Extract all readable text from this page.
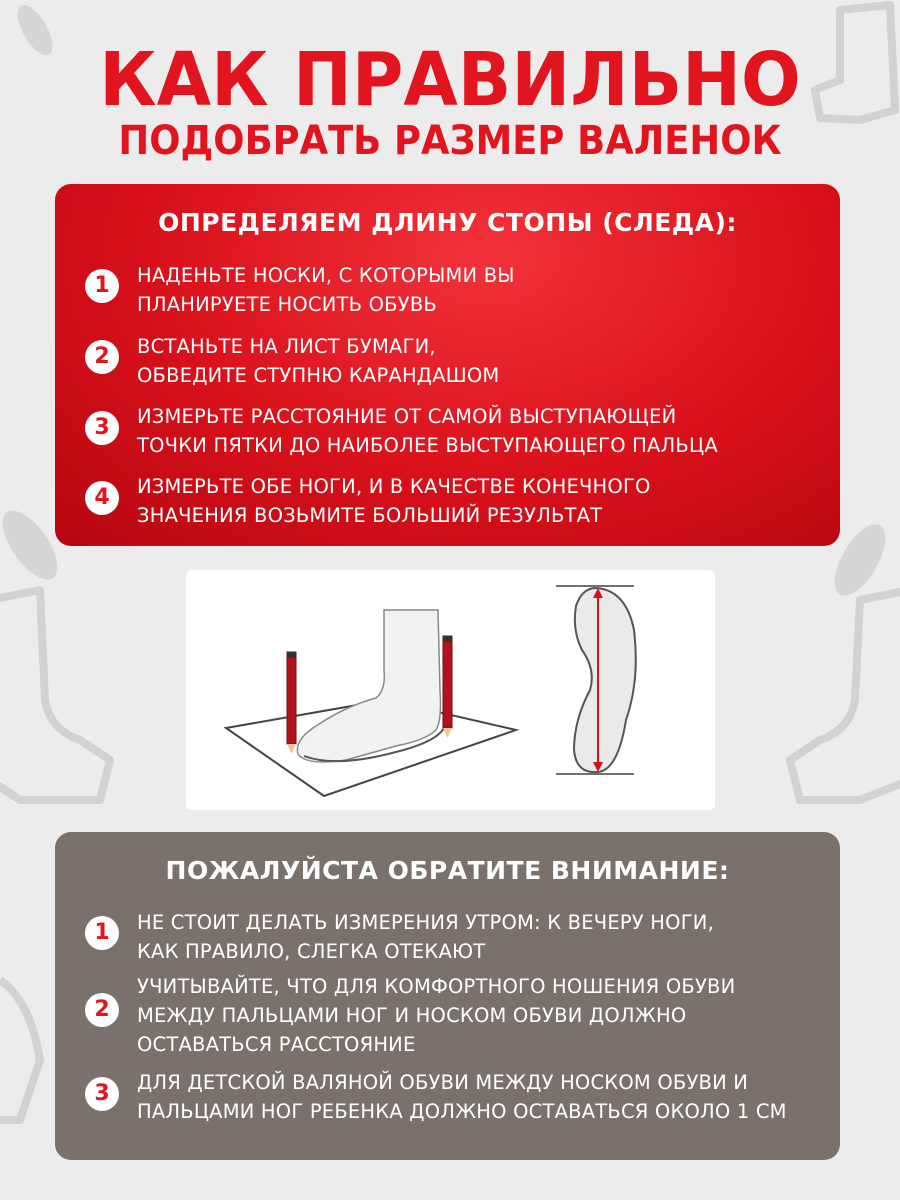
КАК ПРАВИЛЬНО
ПОДОБРАТЬ РАЗМЕР ВАЛЕНОК
ОПРЕДЕЛЯЕМ ДЛИНУ СТОПЫ (СЛЕДА):
1	НАДЕНЬТЕ НОСКИ, С КОТОРЫМИ ВЫ
ПЛАНИРУЕТЕ НОСИТЬ ОБУВЬ
2	ВСТАНЬТЕ НА ЛИСТ БУМАГИ,
ОБВЕДИТЕ СТУПНЮ КАРАНДАШОМ
3	ИЗМЕРЬТЕ РАССТОЯНИЕ ОТ САМОЙ ВЫСТУПАЮЩЕЙ
ТОЧКИ ПЯТКИ ДО НАИБОЛЕЕ ВЫСТУПАЮЩЕГО ПАЛЬЦА
4	ИЗМЕРЬТЕ ОБЕ НОГИ, И В КАЧЕСТВЕ КОНЕЧНОГО
ЗНАЧЕНИЯ ВОЗЬМИТЕ БОЛЬШИЙ РЕЗУЛЬТАТ
ПОЖАЛУЙСТА ОБРАТИТЕ ВНИМАНИЕ:
1	НЕ СТОИТ ДЕЛАТЬ ИЗМЕРЕНИЯ УТРОМ: К ВЕЧЕРУ НОГИ,
КАК ПРАВИЛО, СЛЕГКА ОТЕКАЮТ
2
УЧИТЫВАЙТЕ, ЧТО ДЛЯ КОМФОРТНОГО НОШЕНИЯ ОБУВИ
МЕЖДУ ПАЛЬЦАМИ НОГ И НОСКОМ ОБУВИ ДОЛЖНО
ОСТАВАТЬСЯ РАССТОЯНИЕ
3	ДЛЯ ДЕТСКОЙ ВАЛЯНОЙ ОБУВИ МЕЖДУ НОСКОМ ОБУВИ И
ПАЛЬЦАМИ НОГ РЕБЕНКА ДОЛЖНО ОСТАВАТЬСЯ ОКОЛО 1 СМ
